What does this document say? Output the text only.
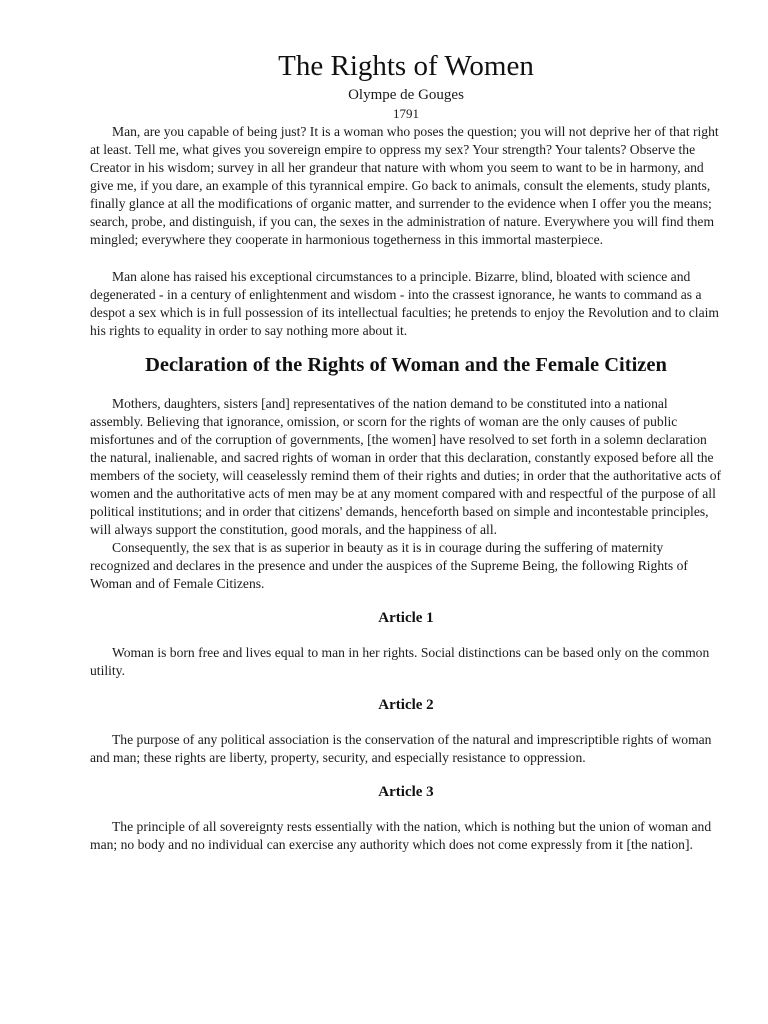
The Rights of Women
Olympe de Gouges
1791

Man, are you capable of being just? It is a woman who poses the question; you will not deprive her of that right at least. Tell me, what gives you sovereign empire to oppress my sex? Your strength? Your talents? Observe the Creator in his wisdom; survey in all her grandeur that nature with whom you seem to want to be in harmony, and give me, if you dare, an example of this tyrannical empire. Go back to animals, consult the elements, study plants, finally glance at all the modifications of organic matter, and surrender to the evidence when I offer you the means; search, probe, and distinguish, if you can, the sexes in the administration of nature. Everywhere you will find them mingled; everywhere they cooperate in harmonious togetherness in this immortal masterpiece.

Man alone has raised his exceptional circumstances to a principle. Bizarre, blind, bloated with science and degenerated - in a century of enlightenment and wisdom - into the crassest ignorance, he wants to command as a despot a sex which is in full possession of its intellectual faculties; he pretends to enjoy the Revolution and to claim his rights to equality in order to say nothing more about it.

Declaration of the Rights of Woman and the Female Citizen

Mothers, daughters, sisters [and] representatives of the nation demand to be constituted into a national assembly. Believing that ignorance, omission, or scorn for the rights of woman are the only causes of public misfortunes and of the corruption of governments, [the women] have resolved to set forth in a solemn declaration the natural, inalienable, and sacred rights of woman in order that this declaration, constantly exposed before all the members of the society, will ceaselessly remind them of their rights and duties; in order that the authoritative acts of women and the authoritative acts of men may be at any moment compared with and respectful of the purpose of all political institutions; and in order that citizens' demands, henceforth based on simple and incontestable principles, will always support the constitution, good morals, and the happiness of all.

Consequently, the sex that is as superior in beauty as it is in courage during the suffering of maternity recognized and declares in the presence and under the auspices of the Supreme Being, the following Rights of Woman and of Female Citizens.

Article 1

Woman is born free and lives equal to man in her rights. Social distinctions can be based only on the common utility.

Article 2

The purpose of any political association is the conservation of the natural and imprescriptible rights of woman and man; these rights are liberty, property, security, and especially resistance to oppression.

Article 3

The principle of all sovereignty rests essentially with the nation, which is nothing but the union of woman and man; no body and no individual can exercise any authority which does not come expressly from it [the nation].
